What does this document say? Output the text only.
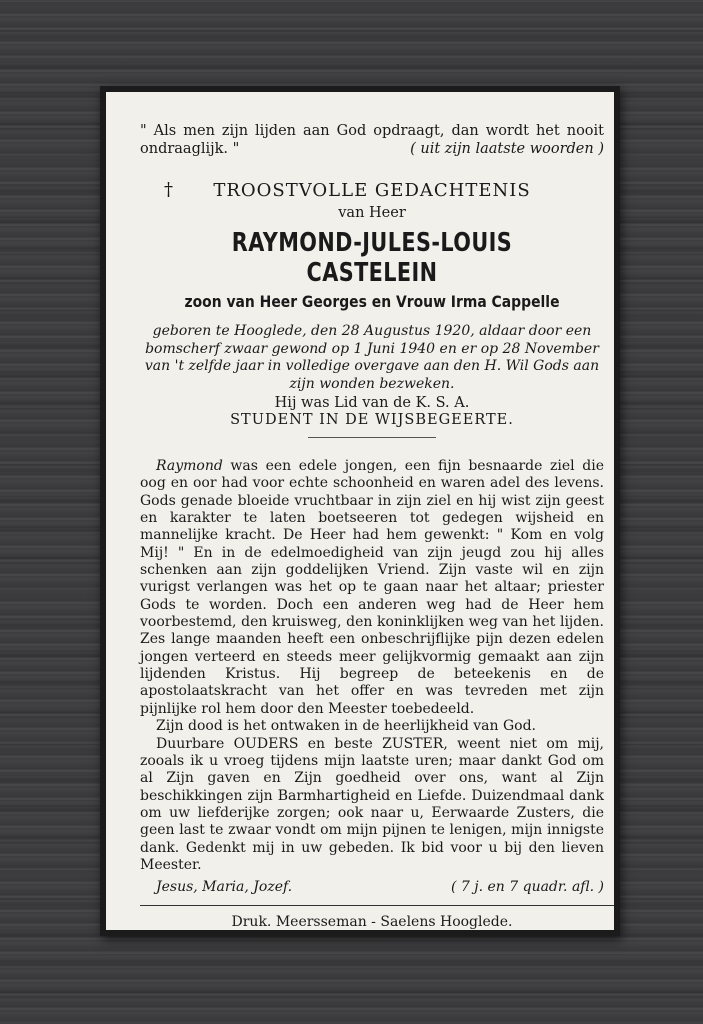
" Als men zijn lijden aan God opdraagt, dan wordt het nooit ondraaglijk. "	( uit zijn laatste woorden )

† TROOSTVOLLE GEDACHTENIS
van Heer
RAYMOND-JULES-LOUIS CASTELEIN
zoon van Heer Georges en Vrouw Irma Cappelle

geboren te Hooglede, den 28 Augustus 1920, aldaar door een bomscherf zwaar gewond op 1 Juni 1940 en er op 28 November van 't zelfde jaar in volledige overgave aan den H. Wil Gods aan zijn wonden bezweken.

Hij was Lid van de K. S. A.
STUDENT IN DE WIJSBEGEERTE.

Raymond was een edele jongen, een fijn besnaarde ziel die oog en oor had voor echte schoonheid en waren adel des levens. Gods genade bloeide vruchtbaar in zijn ziel en hij wist zijn geest en karakter te laten boetseeren tot gedegen wijsheid en mannelijke kracht. De Heer had hem gewenkt: " Kom en volg Mij! " En in de edelmoedigheid van zijn jeugd zou hij alles schenken aan zijn goddelijken Vriend. Zijn vaste wil en zijn vurigst verlangen was het op te gaan naar het altaar; priester Gods te worden. Doch een anderen weg had de Heer hem voorbestemd, den kruisweg, den koninklijken weg van het lijden. Zes lange maanden heeft een onbeschrijflijke pijn dezen edelen jongen verteerd en steeds meer gelijkvormig gemaakt aan zijn lijdenden Kristus. Hij begreep de beteekenis en de apostolaatskracht van het offer en was tevreden met zijn pijnlijke rol hem door den Meester toebedeeld.

Zijn dood is het ontwaken in de heerlijkheid van God.

Duurbare OUDERS en beste ZUSTER, weent niet om mij, zooals ik u vroeg tijdens mijn laatste uren; maar dankt God om al Zijn gaven en Zijn goedheid over ons, want al Zijn beschikkingen zijn Barmhartigheid en Liefde. Duizendmaal dank om uw liefderijke zorgen; ook naar u, Eerwaarde Zusters, die geen last te zwaar vondt om mijn pijnen te lenigen, mijn innigste dank. Gedenkt mij in uw gebeden. Ik bid voor u bij den lieven Meester.

Jesus, Maria, Jozef.	( 7 j. en 7 quadr. afl. )
Druk. Meersseman - Saelens Hooglede.
